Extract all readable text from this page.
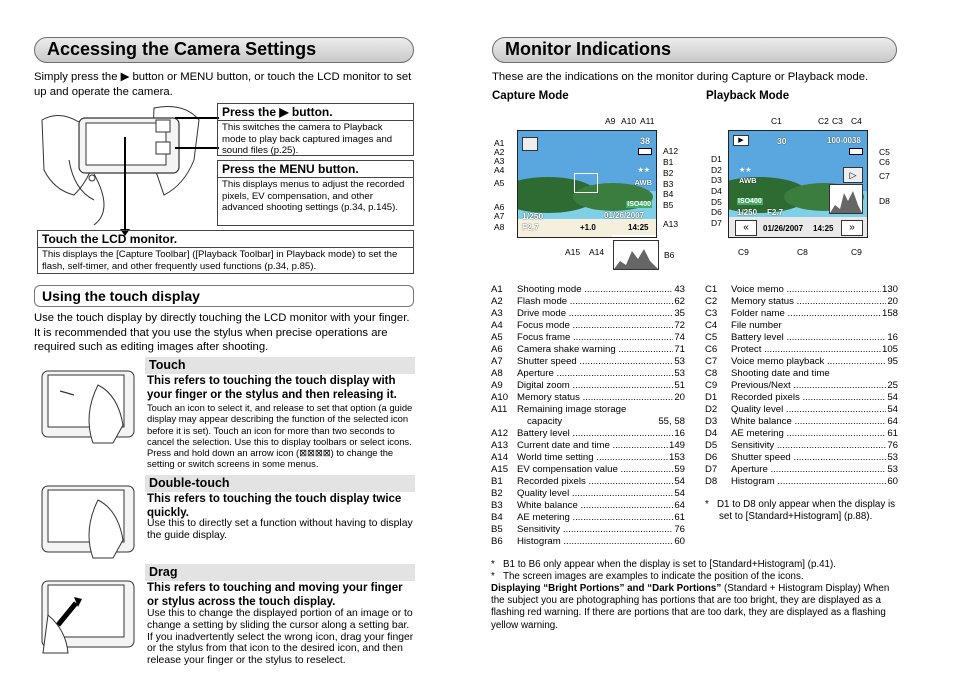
Accessing the Camera Settings
Simply press the ▶ button or MENU button, or touch the LCD monitor to set up and operate the camera.
Press the ▶ button.
This switches the camera to Playback mode to play back captured images and sound files (p.25).
Press the MENU button.
This displays menus to adjust the recorded pixels, EV compensation, and other advanced shooting settings (p.34, p.145).
Touch the LCD monitor.
This displays the [Capture Toolbar] ([Playback Toolbar] in Playback mode) to set the flash, self-timer, and other frequently used functions (p.34, p.85).
Using the touch display
Use the touch display by directly touching the LCD monitor with your finger. It is recommended that you use the stylus when precise operations are required such as editing images after shooting.
Touch
This refers to touching the touch display with your finger or the stylus and then releasing it.
Touch an icon to select it, and release to set that option (a guide display may appear describing the function of the selected icon before it is set). Touch an icon for more than two seconds to cancel the selection. Use this to display toolbars or select icons. Press and hold down an arrow icon (⊠⊠⊠⊠) to change the setting or switch screens in some menus.
Double-touch
This refers to touching the touch display twice quickly.
Use this to directly set a function without having to display the guide display.
Drag
This refers to touching and moving your finger or stylus across the touch display.
Use this to change the displayed portion of an image or to change a setting by sliding the cursor along a setting bar. If you inadvertently select the wrong icon, drag your finger or the stylus from that icon to the desired icon, and then release your finger or the stylus to reselect.
Monitor Indications
These are the indications on the monitor during Capture or Playback mode.
Capture Mode	Playback Mode
38
★★
AWB
ISO400
1/250
F2.7
01/26/2007
+1.0	14:25
A9 A10 A11
A1
A2
A3
A4
A5
A6
A7
A8
A12
B1
B2
B3
B4
B5
A13
A15 A14	B6
▶	30	100-0038
★★
AWB
ISO400
1/250 F2.7
▷
«	01/26/2007 14:25	»
C1	C2 C3 C4
D1
D2
D3
D4
D5
D6
D7
C5
C6
C7
D8
C9	C8	C9
A1	Shooting mode .....	43
A2	Flash mode .....	62
A3	Drive mode .....	35
A4	Focus mode .....	72
A5	Focus frame .....	74
A6	Camera shake warning .....	71
A7	Shutter speed .....	53
A8	Aperture .....	53
A9	Digital zoom .....	51
A10 Memory status .....	20
A11	Remaining image storage
capacity	55, 58
A12 Battery level .....	16
A13 Current date and time .....	149
A14 World time setting .....	153
A15 EV compensation value .....	59
B1	Recorded pixels .....	54
B2	Quality level .....	54
B3	White balance .....	64
B4	AE metering .....	61
B5	Sensitivity .....	76
B6	Histogram .....	60
C1	Voice memo .....	130
C2	Memory status .....	20
C3	Folder name .....	158
C4	File number
C5	Battery level .....	16
C6	Protect .....	105
C7	Voice memo playback .....	95
C8	Shooting date and time
C9	Previous/Next .....	25
D1	Recorded pixels .....	54
D2	Quality level .....	54
D3	White balance .....	64
D4	AE metering .....	61
D5	Sensitivity .....	76
D6	Shutter speed .....	53
D7	Aperture .....	53
D8	Histogram .....	60
*   D1 to D8 only appear when the display is set to [Standard+Histogram] (p.88).
*   B1 to B6 only appear when the display is set to [Standard+Histogram] (p.41).
*   The screen images are examples to indicate the position of the icons.
Displaying “Bright Portions” and “Dark Portions” (Standard + Histogram Display) When the subject you are photographing has portions that are too bright, they are displayed as a flashing red warning. If there are portions that are too dark, they are displayed as a flashing yellow warning.
